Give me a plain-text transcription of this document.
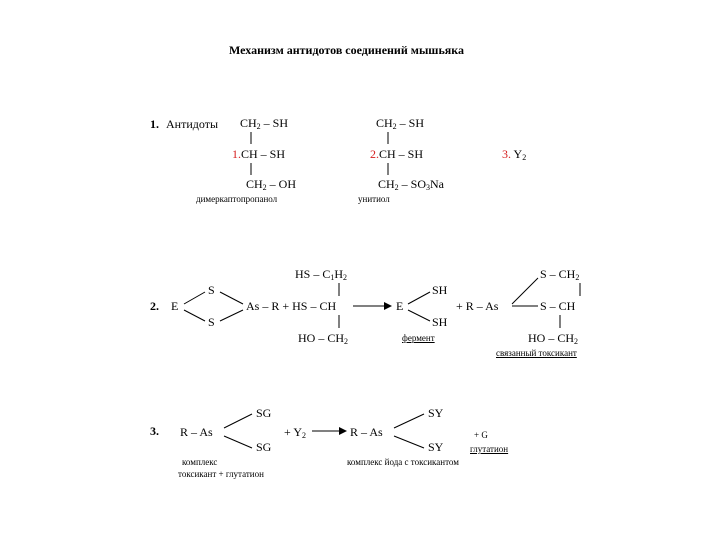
Механизм антидотов соединений мышьяка
1. Антидоты $CH_2$ – SH
1.CH – SH
$CH_2$ – OH
димеркаптопропанол
$CH_2$ – SH
2.CH – SH
$CH_2 - SO_3Na$
унитиол
3. $Y_2$
2. E
S
S
As – R + HS – CH
HS – $C_1H_2$
HO – $CH_2$
E
SH
SH
фермент
+ R – As
S – $CH_2$
S – CH
HO – $CH_2$
связанный токсикант
3. R – As
SG
SG
+ $Y_2$	R – As
SY
SY
+ G
глутатион
комплекс
токсикант + глутатион
комплекс йода с токсикантом
